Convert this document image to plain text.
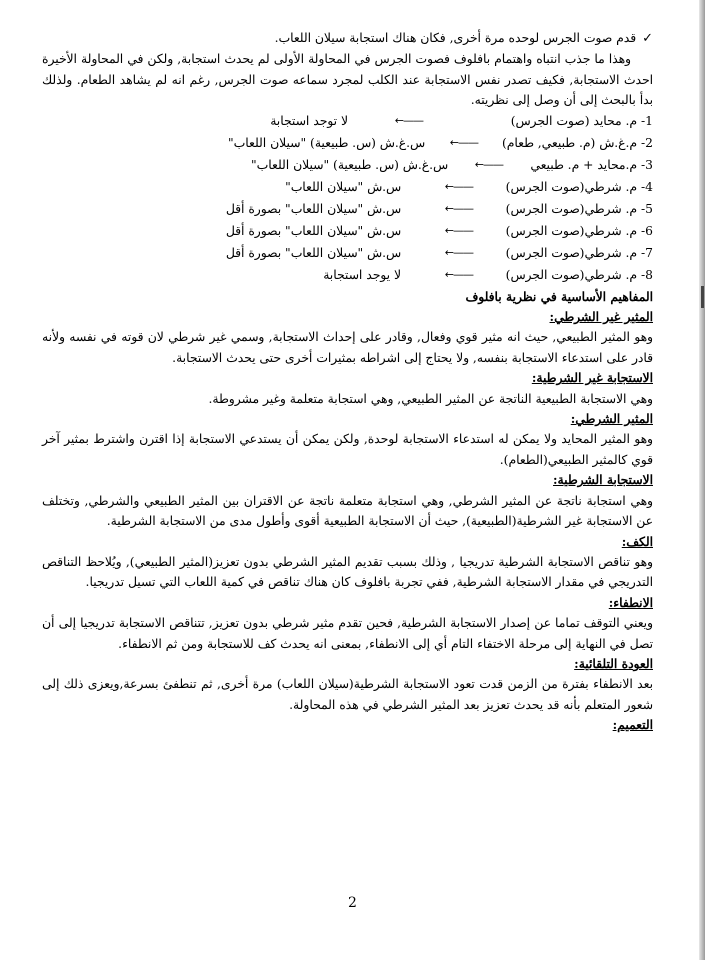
✓
قدم صوت الجرس لوحده مرة أخرى, فكان هناك استجابة سيلان اللعاب.

وهذا ما جذب انتباه واهتمام بافلوف فصوت الجرس في المحاولة الأولى لم يحدث استجابة, ولكن في المحاولة الأخيرة احدث الاستجابة, فكيف تصدر نفس الاستجابة عند الكلب لمجرد سماعه صوت الجرس, رغم انه لم يشاهد الطعام. ولذلك بدأ بالبحث إلى أن وصل إلى نظريته.

1-
م. محايد (صوت الجرس)
←——
لا توجد استجابة
2-
م.غ.ش (م. طبيعي, طعام)
←——
س.غ.ش (س. طبيعية) "سيلان اللعاب"
3-
م.محايد + م. طبيعي
←——
س.غ.ش (س. طبيعية) "سيلان اللعاب"
4-
م. شرطي(صوت الجرس)
←——
س.ش "سيلان اللعاب"
5-
م. شرطي(صوت الجرس)
←——
س.ش "سيلان اللعاب" بصورة أقل
6-
م. شرطي(صوت الجرس)
←——
س.ش "سيلان اللعاب" بصورة أقل
7-
م. شرطي(صوت الجرس)
←——
س.ش "سيلان اللعاب" بصورة أقل
8-
م. شرطي(صوت الجرس)
←——
لا يوجد استجابة

المفاهيم الأساسية في نظرية بافلوف

المثير غير الشرطي:

وهو المثير الطبيعي, حيث انه مثير قوي وفعال, وقادر على إحداث الاستجابة, وسمي غير شرطي لان قوته في نفسه ولأنه قادر على استدعاء الاستجابة بنفسه, ولا يحتاج إلى اشراطه بمثيرات أخرى حتى يحدث الاستجابة.

الاستجابة غير الشرطية:

وهي الاستجابة الطبيعية الناتجة عن المثير الطبيعي, وهي استجابة متعلمة وغير مشروطة.

المثير الشرطي:

وهو المثير المحايد ولا يمكن له استدعاء الاستجابة لوحدة, ولكن يمكن أن يستدعي الاستجابة إذا اقترن واشترط بمثير آخر قوي كالمثير الطبيعي(الطعام).

الاستجابة الشرطية:

وهي استجابة ناتجة عن المثير الشرطي, وهي استجابة متعلمة ناتجة عن الاقتران بين المثير الطبيعي والشرطي, وتختلف عن الاستجابة غير الشرطية(الطبيعية), حيث أن الاستجابة الطبيعية أقوى وأطول مدى من الاستجابة الشرطية.

الكف:

وهو تناقص الاستجابة الشرطية تدريجيا , وذلك بسبب تقديم المثير الشرطي بدون تعزيز(المثير الطبيعي), ويُلاحظ التناقص التدريجي في مقدار الاستجابة الشرطية, ففي تجربة بافلوف كان هناك تناقص في كمية اللعاب التي تسيل تدريجيا.

الانطفاء:

ويعني التوقف تماما عن إصدار الاستجابة الشرطية, فحين تقدم مثير شرطي بدون تعزيز, تتناقص الاستجابة تدريجيا إلى أن تصل في النهاية إلى مرحلة الاختفاء التام أي إلى الانطفاء, بمعنى انه يحدث كف للاستجابة ومن ثم الانطفاء.

العودة التلقائية:

بعد الانطفاء بفترة من الزمن قدت تعود الاستجابة الشرطية(سيلان اللعاب) مرة أخرى, ثم تنطفئ بسرعة,ويعزى ذلك إلى شعور المتعلم بأنه قد يحدث تعزيز بعد المثير الشرطي في هذه المحاولة.

التعميم:

2
